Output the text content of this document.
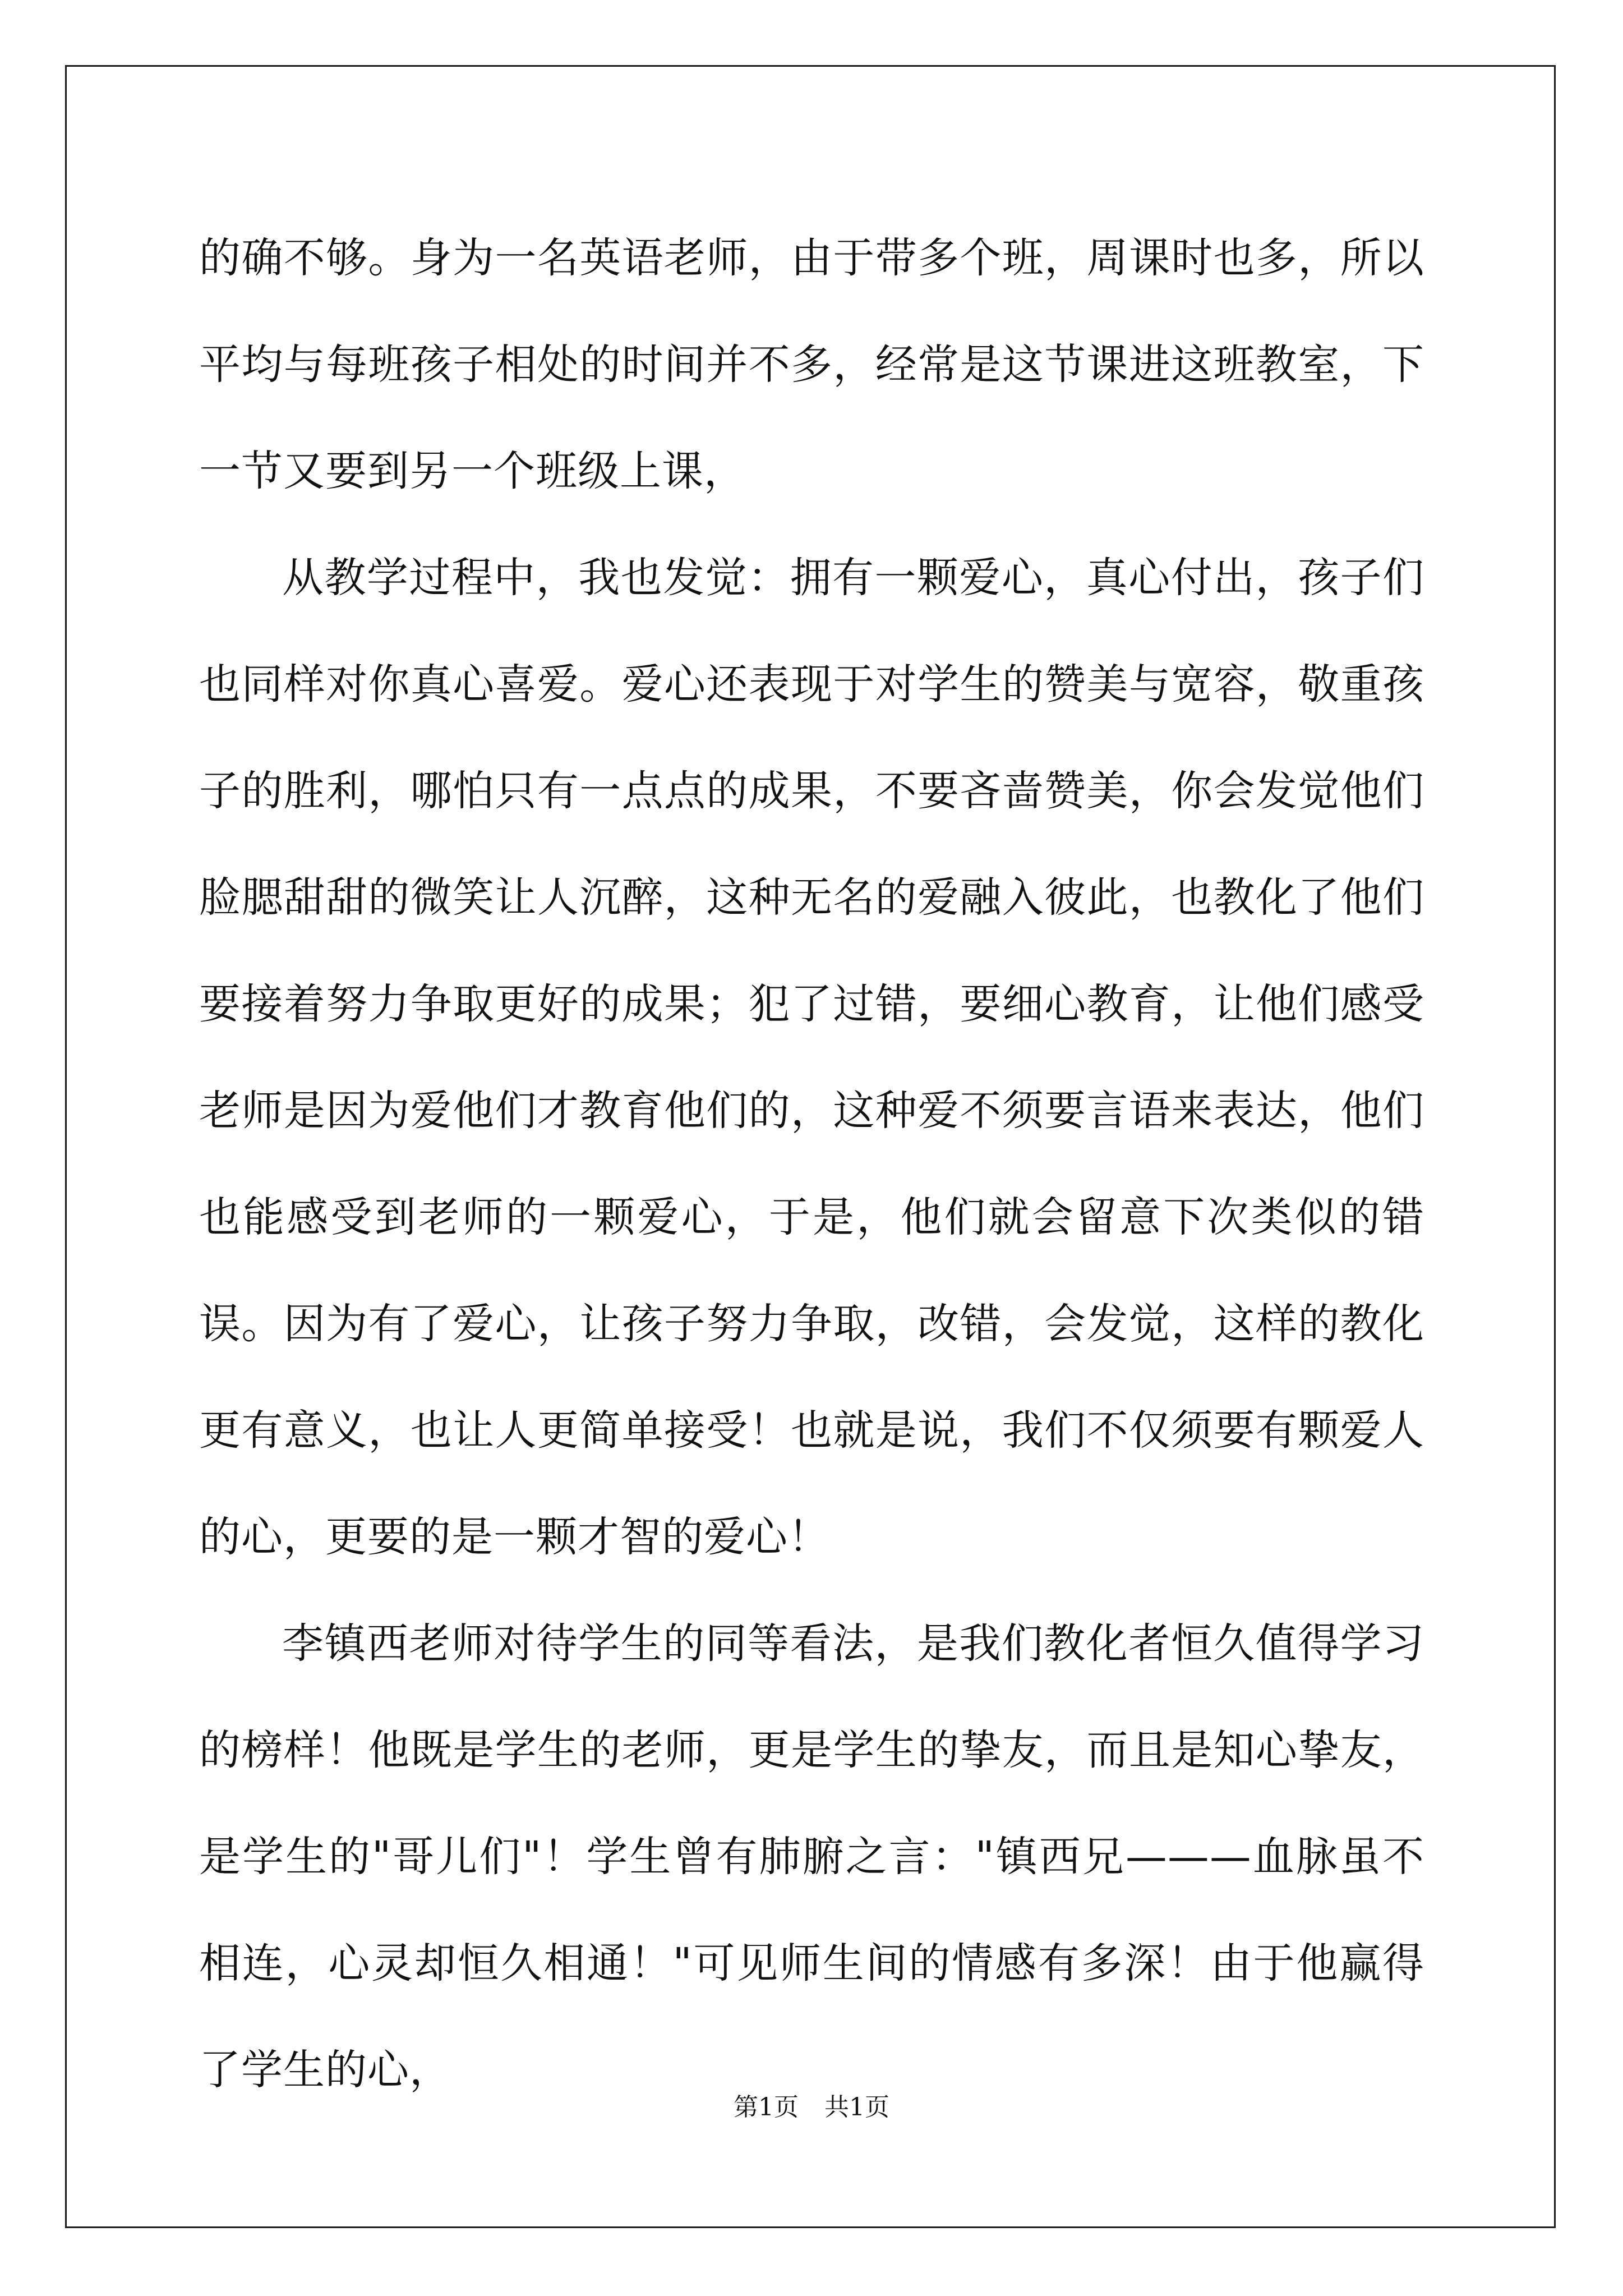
的确不够。身为一名英语老师，由于带多个班，周课时也多，所以平均与每班孩子相处的时间并不多，经常是这节课进这班教室，下一节又要到另一个班级上课，

从教学过程中，我也发觉：拥有一颗爱心，真心付出，孩子们也同样对你真心喜爱。爱心还表现于对学生的赞美与宽容，敬重孩子的胜利，哪怕只有一点点的成果，不要吝啬赞美，你会发觉他们脸腮甜甜的微笑让人沉醉，这种无名的爱融入彼此，也教化了他们要接着努力争取更好的成果；犯了过错，要细心教育，让他们感受老师是因为爱他们才教育他们的，这种爱不须要言语来表达，他们也能感受到老师的一颗爱心，于是，他们就会留意下次类似的错误。因为有了爱心，让孩子努力争取，改错，会发觉，这样的教化更有意义，也让人更简单接受！也就是说，我们不仅须要有颗爱人的心，更要的是一颗才智的爱心！

李镇西老师对待学生的同等看法，是我们教化者恒久值得学习的榜样！他既是学生的老师，更是学生的挚友，而且是知心挚友，是学生的"哥儿们"！学生曾有肺腑之言："镇西兄———血脉虽不相连，心灵却恒久相通！"可见师生间的情感有多深！由于他赢得了学生的心，

第1页 共1页
